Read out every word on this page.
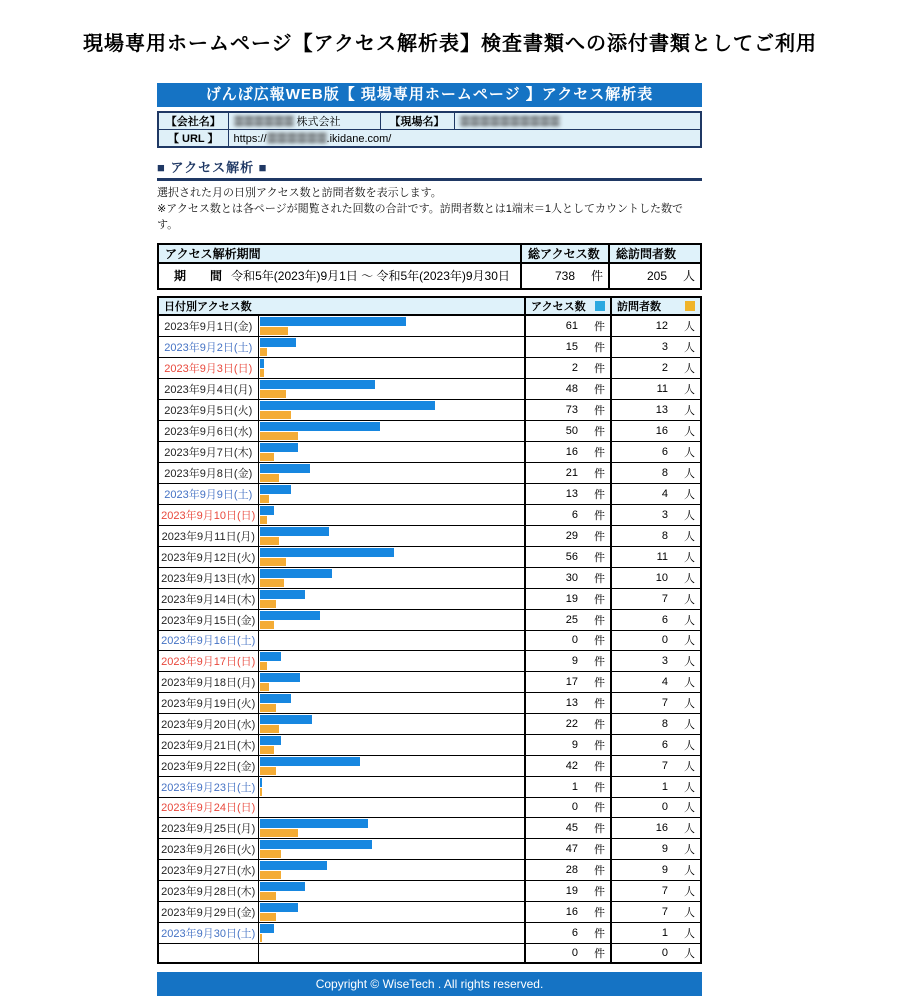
現場専用ホームページ【アクセス解析表】検査書類への添付書類としてご利用
げんば広報WEB版【 現場専用ホームページ 】アクセス解析表
【会社名】	〓〓〓〓〓〓 株式会社	【現場名】	〓〓〓〓〓〓〓〓〓〓
【 URL 】	https://〓〓〓〓〓〓.ikidane.com/		
■ アクセス解析 ■
選択された月の日別アクセス数と訪問者数を表示します。
※アクセス数とは各ページが閲覧された回数の合計です。訪問者数とは1端末＝1人としてカウントした数です。
アクセス解析期間	総アクセス数	総訪問者数

期　　間 令和5年(2023年)9月1日 ～ 令和5年(2023年)9月30日	738 件	205 人
日付別アクセス数		アクセス数	訪問者数

2023年9月1日(金)		61 件	12 人

2023年9月2日(土)		15 件	3 人

2023年9月3日(日)		2 件	2 人

2023年9月4日(月)		48 件	11 人

2023年9月5日(火)		73 件	13 人

2023年9月6日(水)		50 件	16 人

2023年9月7日(木)		16 件	6 人

2023年9月8日(金)		21 件	8 人

2023年9月9日(土)		13 件	4 人

2023年9月10日(日)		6 件	3 人

2023年9月11日(月)		29 件	8 人

2023年9月12日(火)		56 件	11 人

2023年9月13日(水)		30 件	10 人

2023年9月14日(木)		19 件	7 人

2023年9月15日(金)		25 件	6 人

2023年9月16日(土)		0 件	0 人

2023年9月17日(日)		9 件	3 人

2023年9月18日(月)		17 件	4 人

2023年9月19日(火)		13 件	7 人

2023年9月20日(水)		22 件	8 人

2023年9月21日(木)		9 件	6 人

2023年9月22日(金)		42 件	7 人

2023年9月23日(土)		1 件	1 人

2023年9月24日(日)		0 件	0 人

2023年9月25日(月)		45 件	16 人

2023年9月26日(火)		47 件	9 人

2023年9月27日(水)		28 件	9 人

2023年9月28日(木)		19 件	7 人

2023年9月29日(金)		16 件	7 人

2023年9月30日(土)		6 件	1 人

		0 件	0 人
Copyright © WiseTech . All rights reserved.
